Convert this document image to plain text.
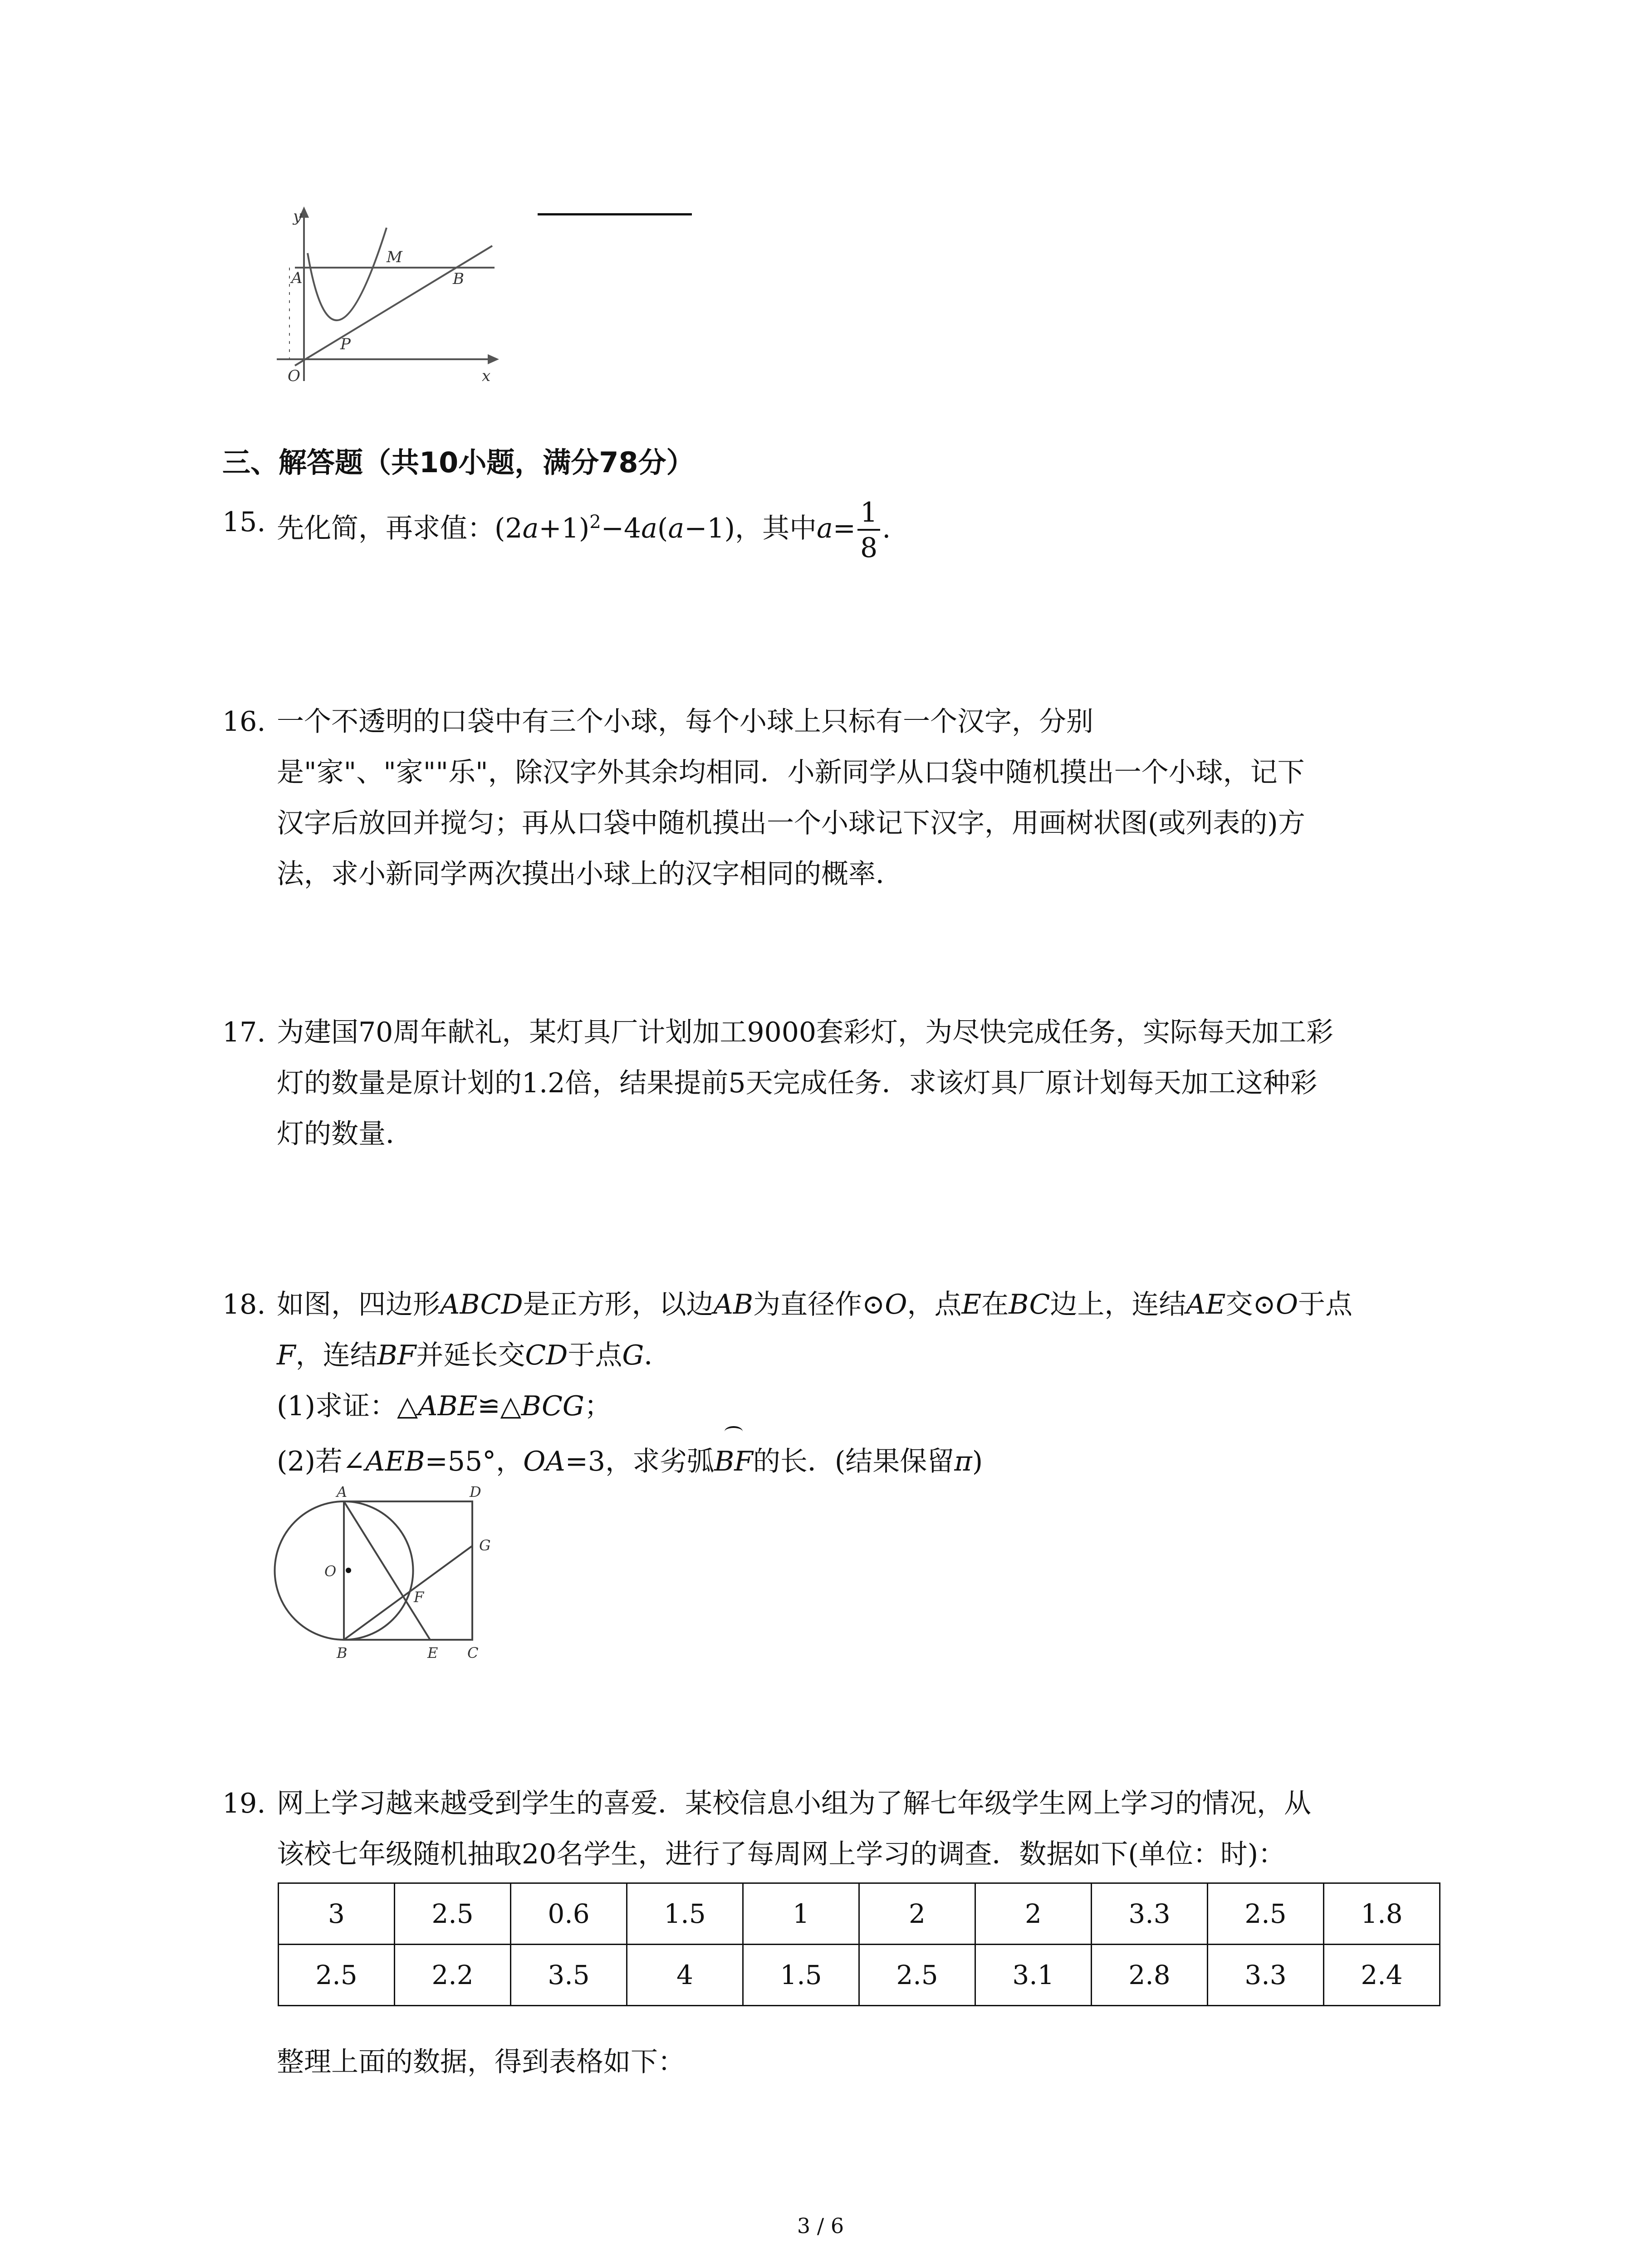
y
A
M
B
P
O	x
三、解答题（共10小题，满分78分）
15. 先化简，再求值：$(2a+1)^2-4a(a-1)$，其中$a= \frac{1}{8}$ .
16. 一个不透明的口袋中有三个小球，每个小球上只标有一个汉字，分别
是"家"、"家""乐"，除汉字外其余均相同．小新同学从口袋中随机摸出一个小球，记下
汉字后放回并搅匀；再从口袋中随机摸出一个小球记下汉字，用画树状图(或列表的)方
法，求小新同学两次摸出小球上的汉字相同的概率．
17. 为建国70周年献礼，某灯具厂计划加工9000套彩灯，为尽快完成任务，实际每天加工彩
灯的数量是原计划的1.2倍，结果提前5天完成任务．求该灯具厂原计划每天加工这种彩
灯的数量．
18. 如图，四边形ABCD是正方形，以边AB为直径作⊙O，点E在BC边上，连结AE交⊙O于点
F，连结BF并延长交CD于点G．
(1)求证：△ABE≌△BCG；
(2)若∠AEB=55°，OA=3，求劣弧BF的长．(结果保留π)
A	D
G
O
F
B	E C
19. 网上学习越来越受到学生的喜爱．某校信息小组为了解七年级学生网上学习的情况，从
该校七年级随机抽取20名学生，进行了每周网上学习的调查．数据如下(单位：时)：
3	2.5	0.6	1.5	1	2	2	3.3	2.5	1.8
2.5	2.2	3.5	4	1.5	2.5	3.1	2.8	3.3	2.4
整理上面的数据，得到表格如下：
3 / 6
